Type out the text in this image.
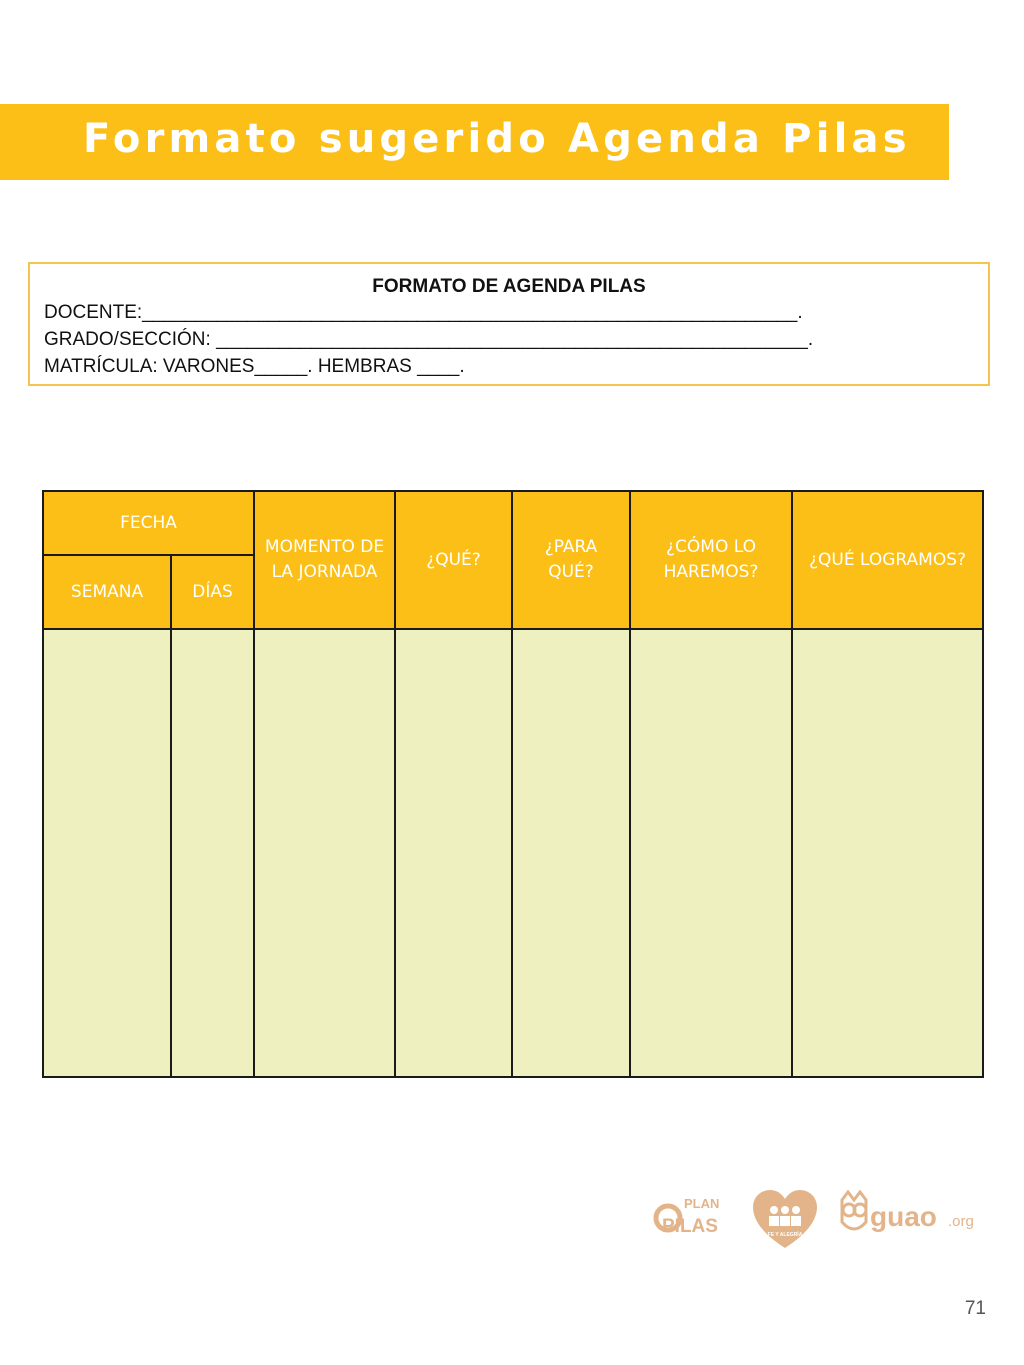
Formato sugerido Agenda Pilas
FORMATO DE AGENDA PILAS
DOCENTE:______________________________________________________________.
GRADO/SECCIÓN: ________________________________________________________.
MATRÍCULA: VARONES_____. HEMBRAS ____.
FECHA		MOMENTO DE LA JORNADA	¿QUÉ?	¿PARA QUÉ?	¿CÓMO LO HAREMOS?	¿QUÉ LOGRAMOS?
SEMANA	DÍAS					

PLAN
PILAS	FE Y ALEGRÍA
guao .org
71
